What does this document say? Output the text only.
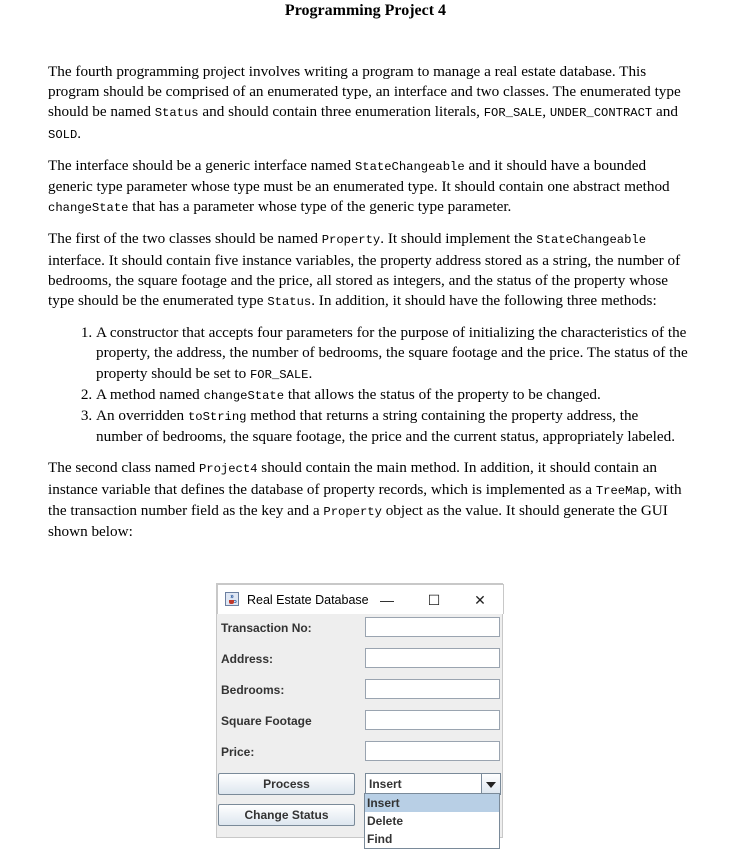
Programming Project 4

The fourth programming project involves writing a program to manage a real estate database. This program should be comprised of an enumerated type, an interface and two classes. The enumerated type should be named Status and should contain three enumeration literals, FOR_SALE, UNDER_CONTRACT and SOLD.

The interface should be a generic interface named StateChangeable and it should have a bounded generic type parameter whose type must be an enumerated type. It should contain one abstract method changeState that has a parameter whose type of the generic type parameter.

The first of the two classes should be named Property. It should implement the StateChangeable interface. It should contain five instance variables, the property address stored as a string, the number of bedrooms, the square footage and the price, all stored as integers, and the status of the property whose type should be the enumerated type Status. In addition, it should have the following three methods:

1. A constructor that accepts four parameters for the purpose of initializing the characteristics of the property, the address, the number of bedrooms, the square footage and the price. The status of the property should be set to FOR_SALE.
2. A method named changeState that allows the status of the property to be changed.
3. An overridden toString method that returns a string containing the property address, the number of bedrooms, the square footage, the price and the current status, appropriately labeled.

The second class named Project4 should contain the main method. In addition, it should contain an instance variable that defines the database of property records, which is implemented as a TreeMap, with the transaction number field as the key and a Property object as the value. It should generate the GUI shown below:

Real Estate Database —	☐	✕
Transaction No:
Address:
Bedrooms:
Square Footage
Price:
Process
Change Status
Insert
Insert
Delete
Find
